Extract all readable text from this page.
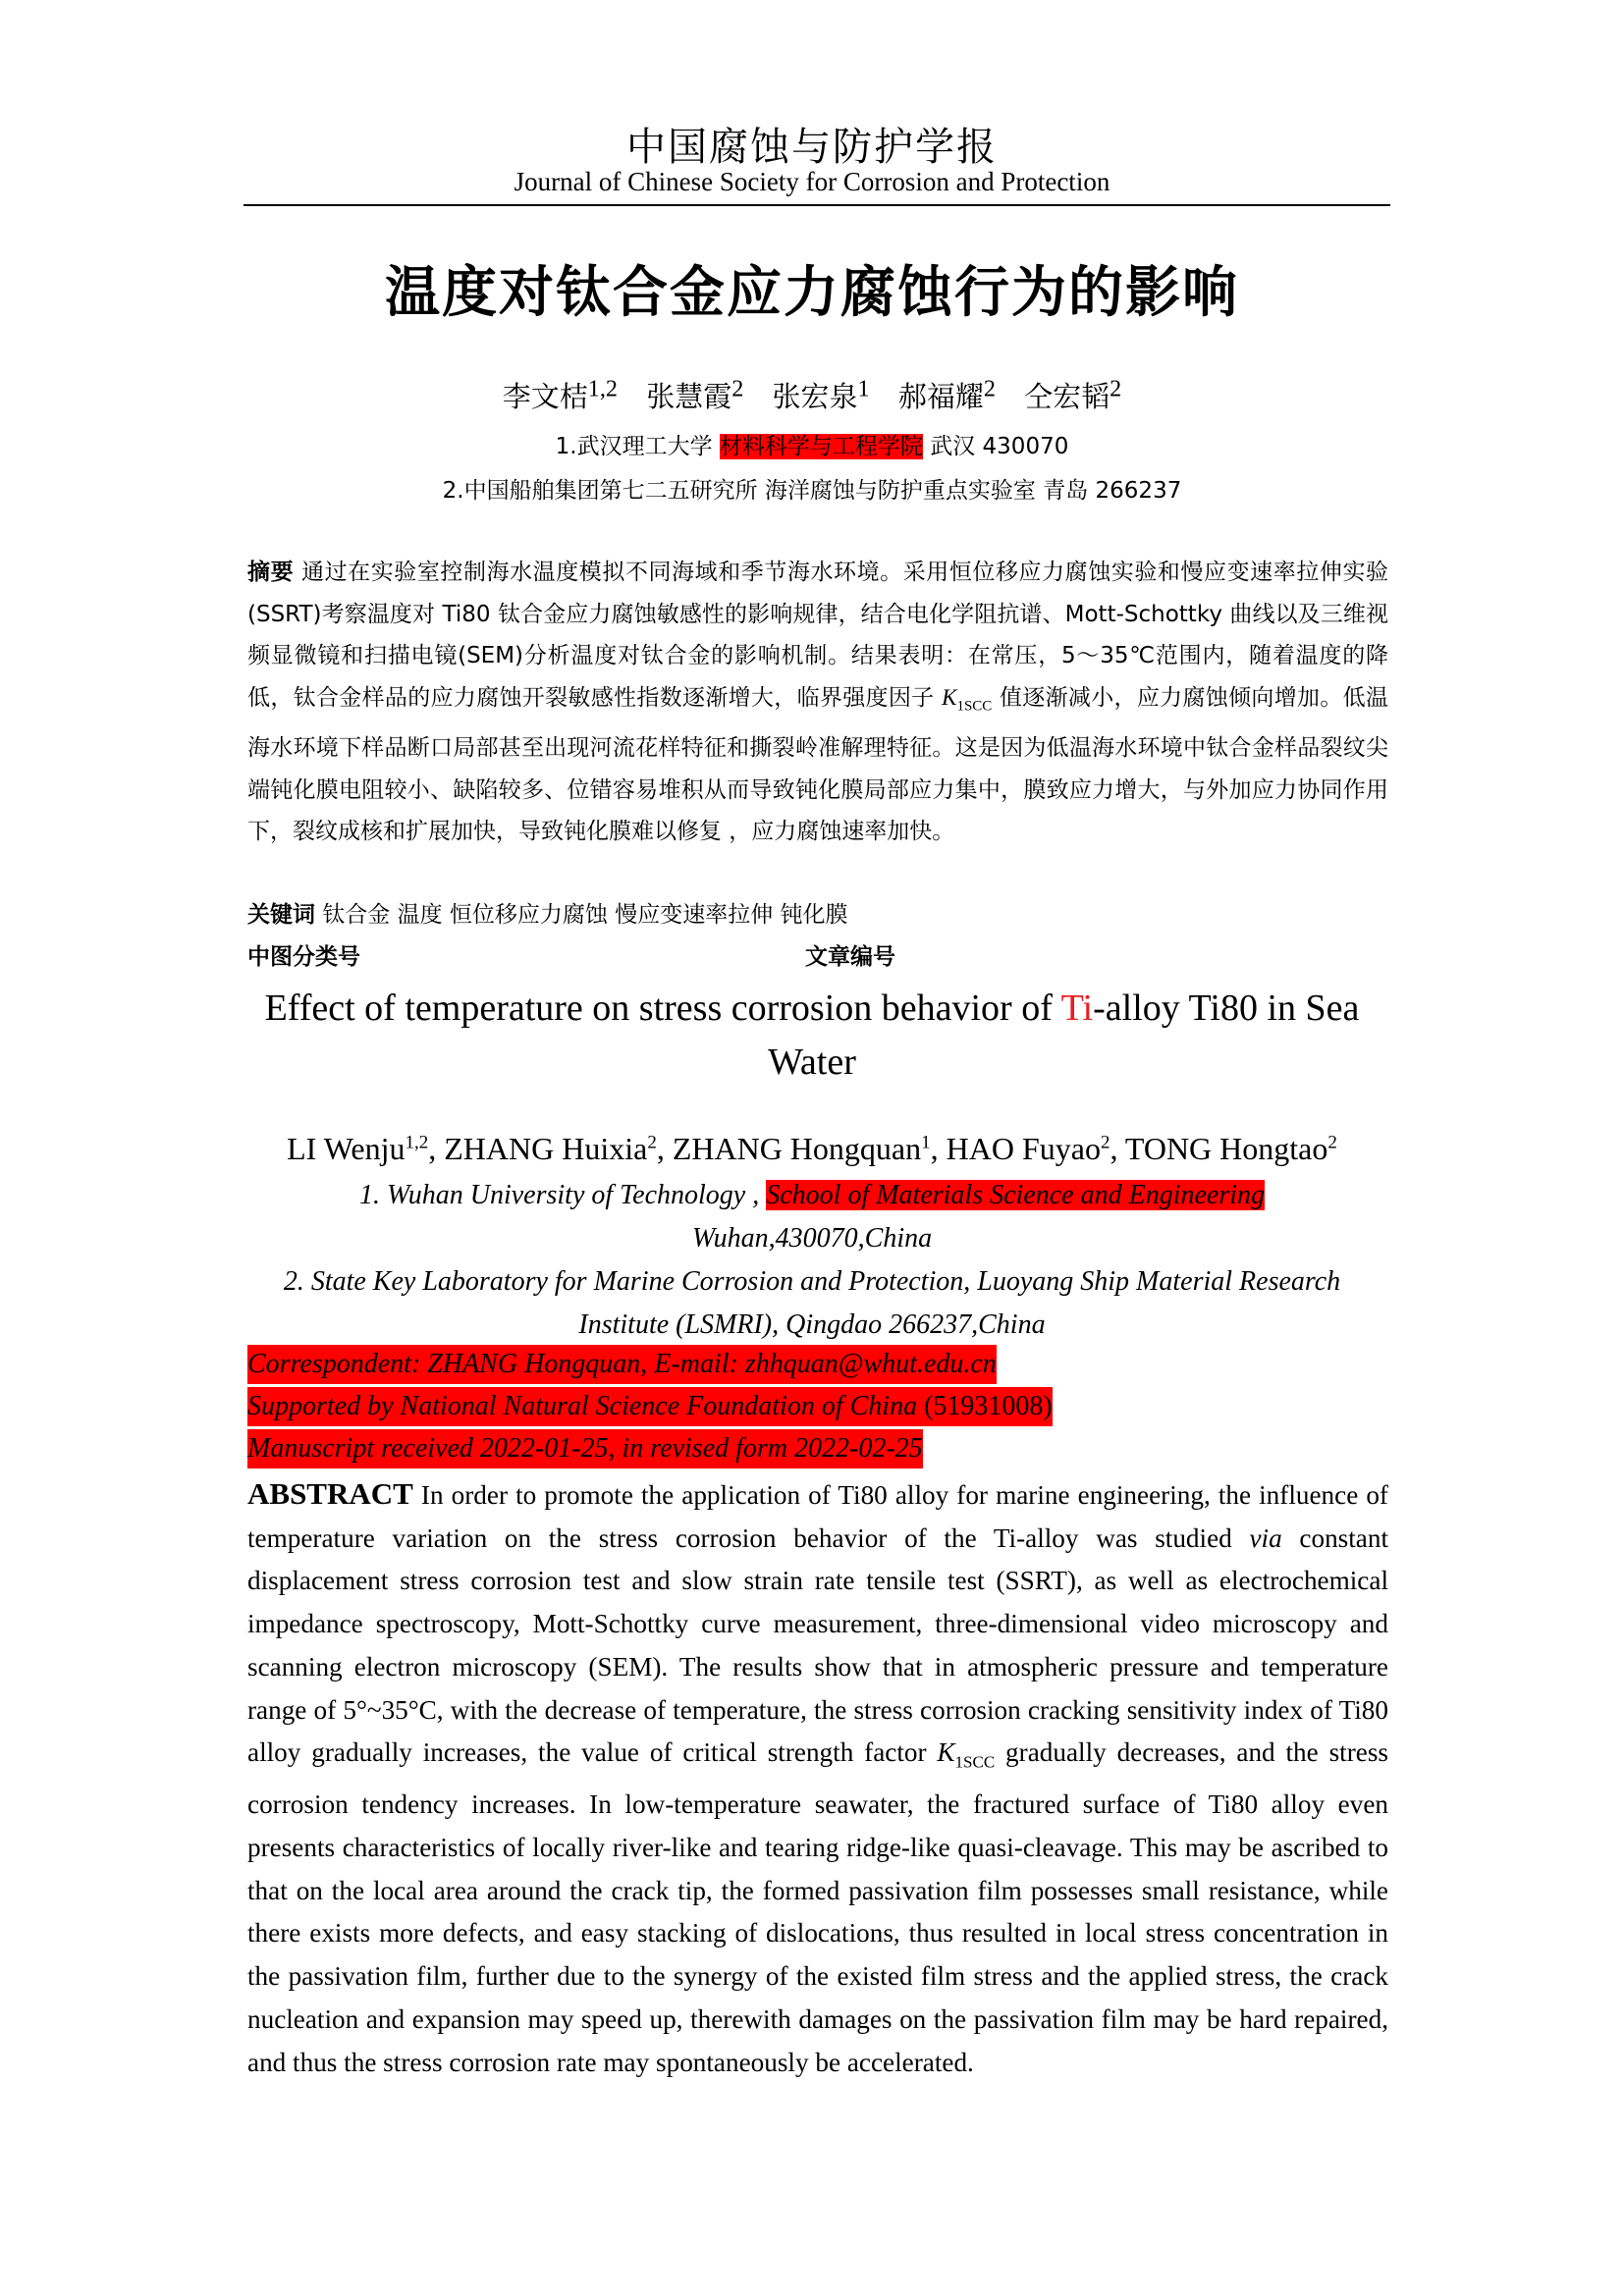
中国腐蚀与防护学报
Journal of Chinese Society for Corrosion and Protection
温度对钛合金应力腐蚀行为的影响
李文桔$^{1,2}$ 张慧霞$^2$ 张宏泉$^1$ 郝福耀$^2$ 仝宏韬$^2$
1.武汉理工大学 材料科学与工程学院 武汉 430070
2.中国船舶集团第七二五研究所 海洋腐蚀与防护重点实验室 青岛 266237
摘要 通过在实验室控制海水温度模拟不同海域和季节海水环境。采用恒位移应力腐蚀实验和慢应变速率拉伸实验(SSRT)考察温度对 Ti80 钛合金应力腐蚀敏感性的影响规律，结合电化学阻抗谱、Mott-Schottky 曲线以及三维视频显微镜和扫描电镜(SEM)分析温度对钛合金的影响机制。结果表明：在常压，5～35℃范围内，随着温度的降低，钛合金样品的应力腐蚀开裂敏感性指数逐渐增大，临界强度因子 $K_{1SCC}$ 值逐渐减小，应力腐蚀倾向增加。低温海水环境下样品断口局部甚至出现河流花样特征和撕裂岭准解理特征。这是因为低温海水环境中钛合金样品裂纹尖端钝化膜电阻较小、缺陷较多、位错容易堆积从而导致钝化膜局部应力集中，膜致应力增大，与外加应力协同作用下，裂纹成核和扩展加快，导致钝化膜难以修复 ，应力腐蚀速率加快。
关键词 钛合金 温度 恒位移应力腐蚀 慢应变速率拉伸 钝化膜
中图分类号	文章编号
Effect of temperature on stress corrosion behavior of Ti-alloy Ti80 in Sea Water
LI Wenju$^{1,2}$, ZHANG Huixia$^2$, ZHANG Hongquan$^1$, HAO Fuyao$^2$, TONG Hongtao$^2$
1. Wuhan University of Technology , School of Materials Science and Engineering
Wuhan,430070,China
2. State Key Laboratory for Marine Corrosion and Protection, Luoyang Ship Material Research
Institute (LSMRI), Qingdao 266237,China
Correspondent: ZHANG Hongquan, E-mail: zhhquan@whut.edu.cn
Supported by National Natural Science Foundation of China (51931008)
Manuscript received 2022-01-25, in revised form 2022-02-25
ABSTRACT In order to promote the application of Ti80 alloy for marine engineering, the influence of temperature variation on the stress corrosion behavior of the Ti-alloy was studied via constant displacement stress corrosion test and slow strain rate tensile test (SSRT), as well as electrochemical impedance spectroscopy, Mott-Schottky curve measurement, three-dimensional video microscopy and scanning electron microscopy (SEM). The results show that in atmospheric pressure and temperature range of 5°~35°C, with the decrease of temperature, the stress corrosion cracking sensitivity index of Ti80 alloy gradually increases, the value of critical strength factor $K_{1SCC}$ gradually decreases, and the stress corrosion tendency increases. In low-temperature seawater, the fractured surface of Ti80 alloy even presents characteristics of locally river-like and tearing ridge-like quasi-cleavage. This may be ascribed to that on the local area around the crack tip, the formed passivation film possesses small resistance, while there exists more defects, and easy stacking of dislocations, thus resulted in local stress concentration in the passivation film, further due to the synergy of the existed film stress and the applied stress, the crack nucleation and expansion may speed up, therewith damages on the passivation film may be hard repaired, and thus the stress corrosion rate may spontaneously be accelerated.
